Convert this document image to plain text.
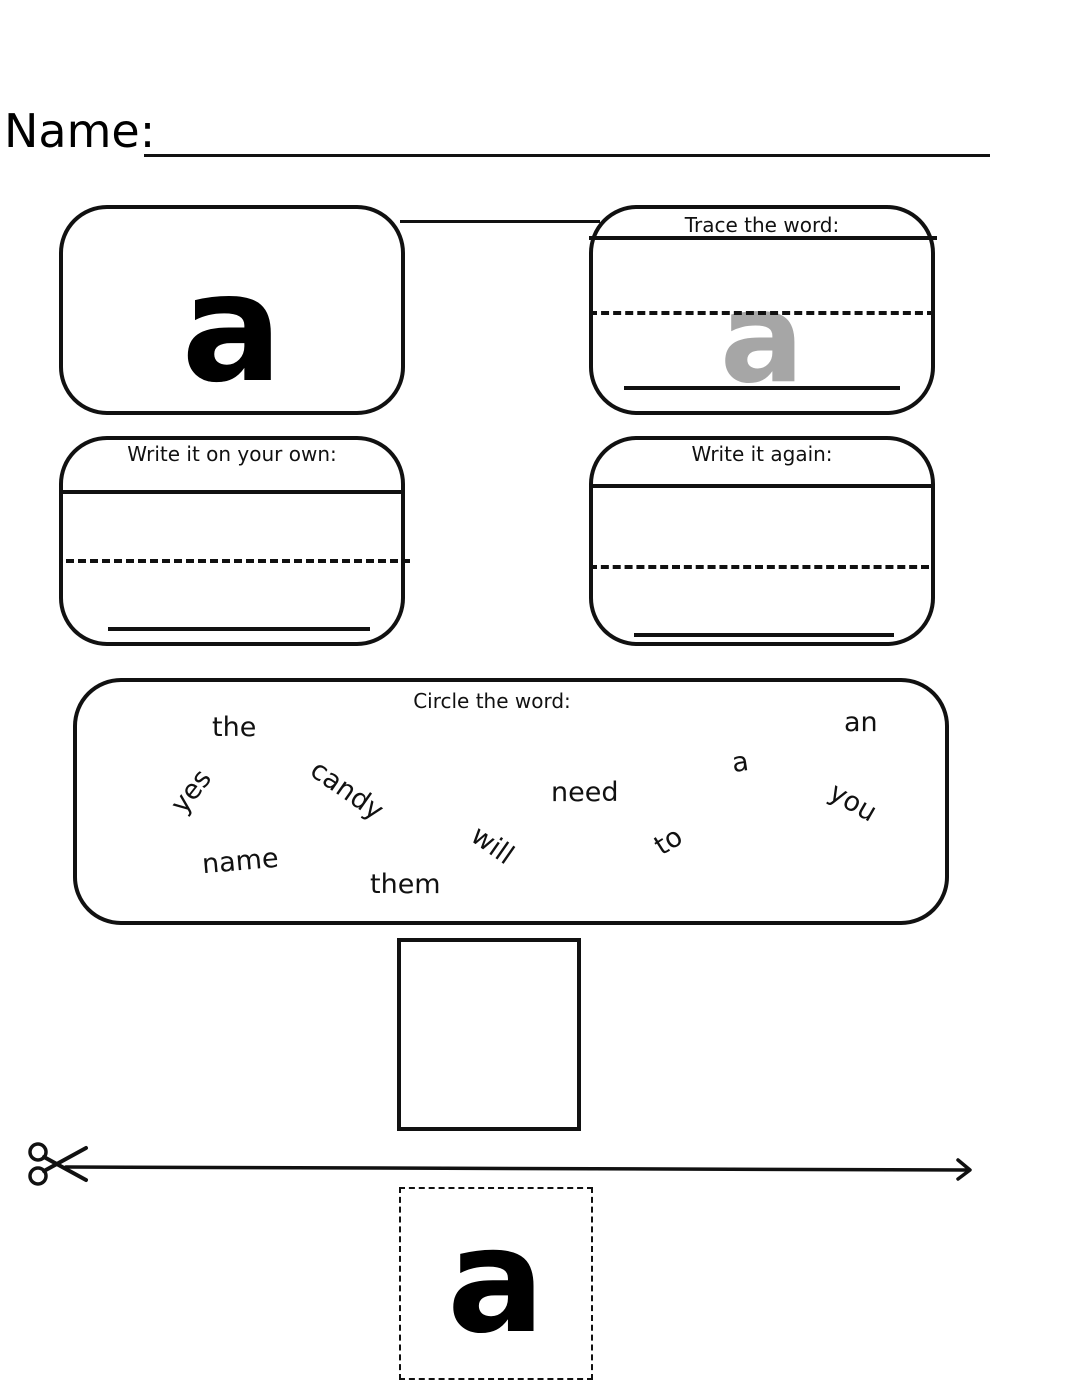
Name:
a
Trace the word:
a
Write it on your own:	Write it again:
Circle the word:
the	an
yes	candy	a
need	you
will	to
name
them
a
